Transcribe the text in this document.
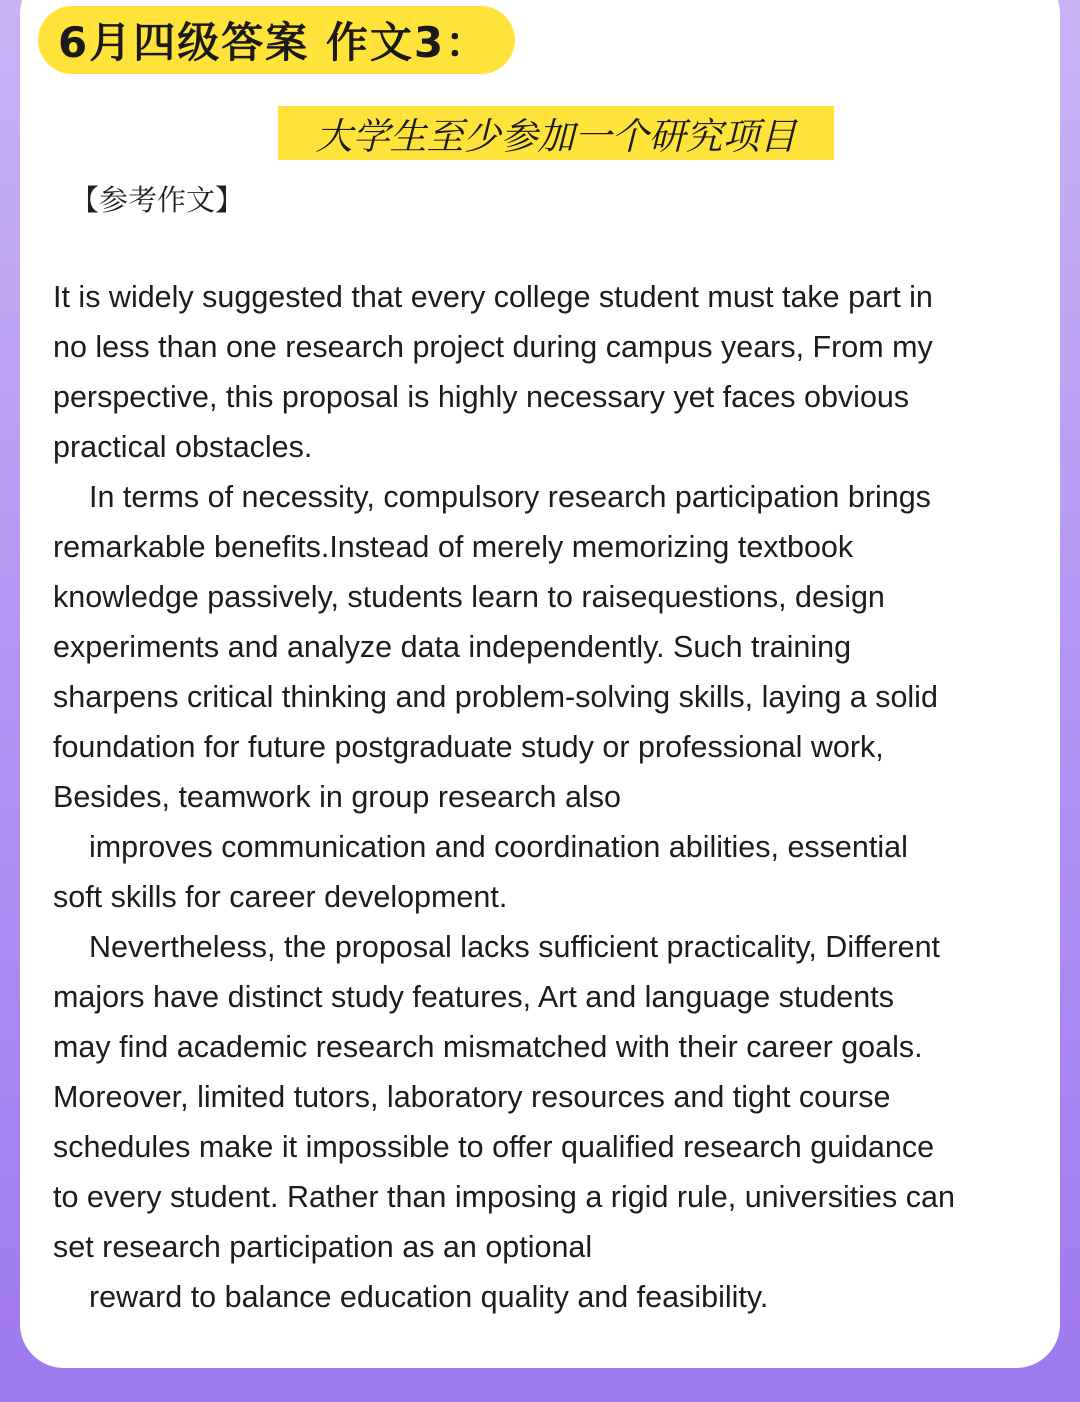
6月四级答案 作文3：
大学生至少参加一个研究项目
【参考作文】
It is widely suggested that every college student must take part in
no less than one research project during campus years, From my
perspective, this proposal is highly necessary yet faces obvious
practical obstacles.
In terms of necessity, compulsory research participation brings
remarkable benefits.Instead of merely memorizing textbook
knowledge passively, students learn to raisequestions, design
experiments and analyze data independently. Such training
sharpens critical thinking and problem-solving skills, laying a solid
foundation for future postgraduate study or professional work,
Besides, teamwork in group research also
improves communication and coordination abilities, essential
soft skills for career development.
Nevertheless, the proposal lacks sufficient practicality, Different
majors have distinct study features, Art and language students
may find academic research mismatched with their career goals.
Moreover, limited tutors, laboratory resources and tight course
schedules make it impossible to offer qualified research guidance
to every student. Rather than imposing a rigid rule, universities can
set research participation as an optional
reward to balance education quality and feasibility.
